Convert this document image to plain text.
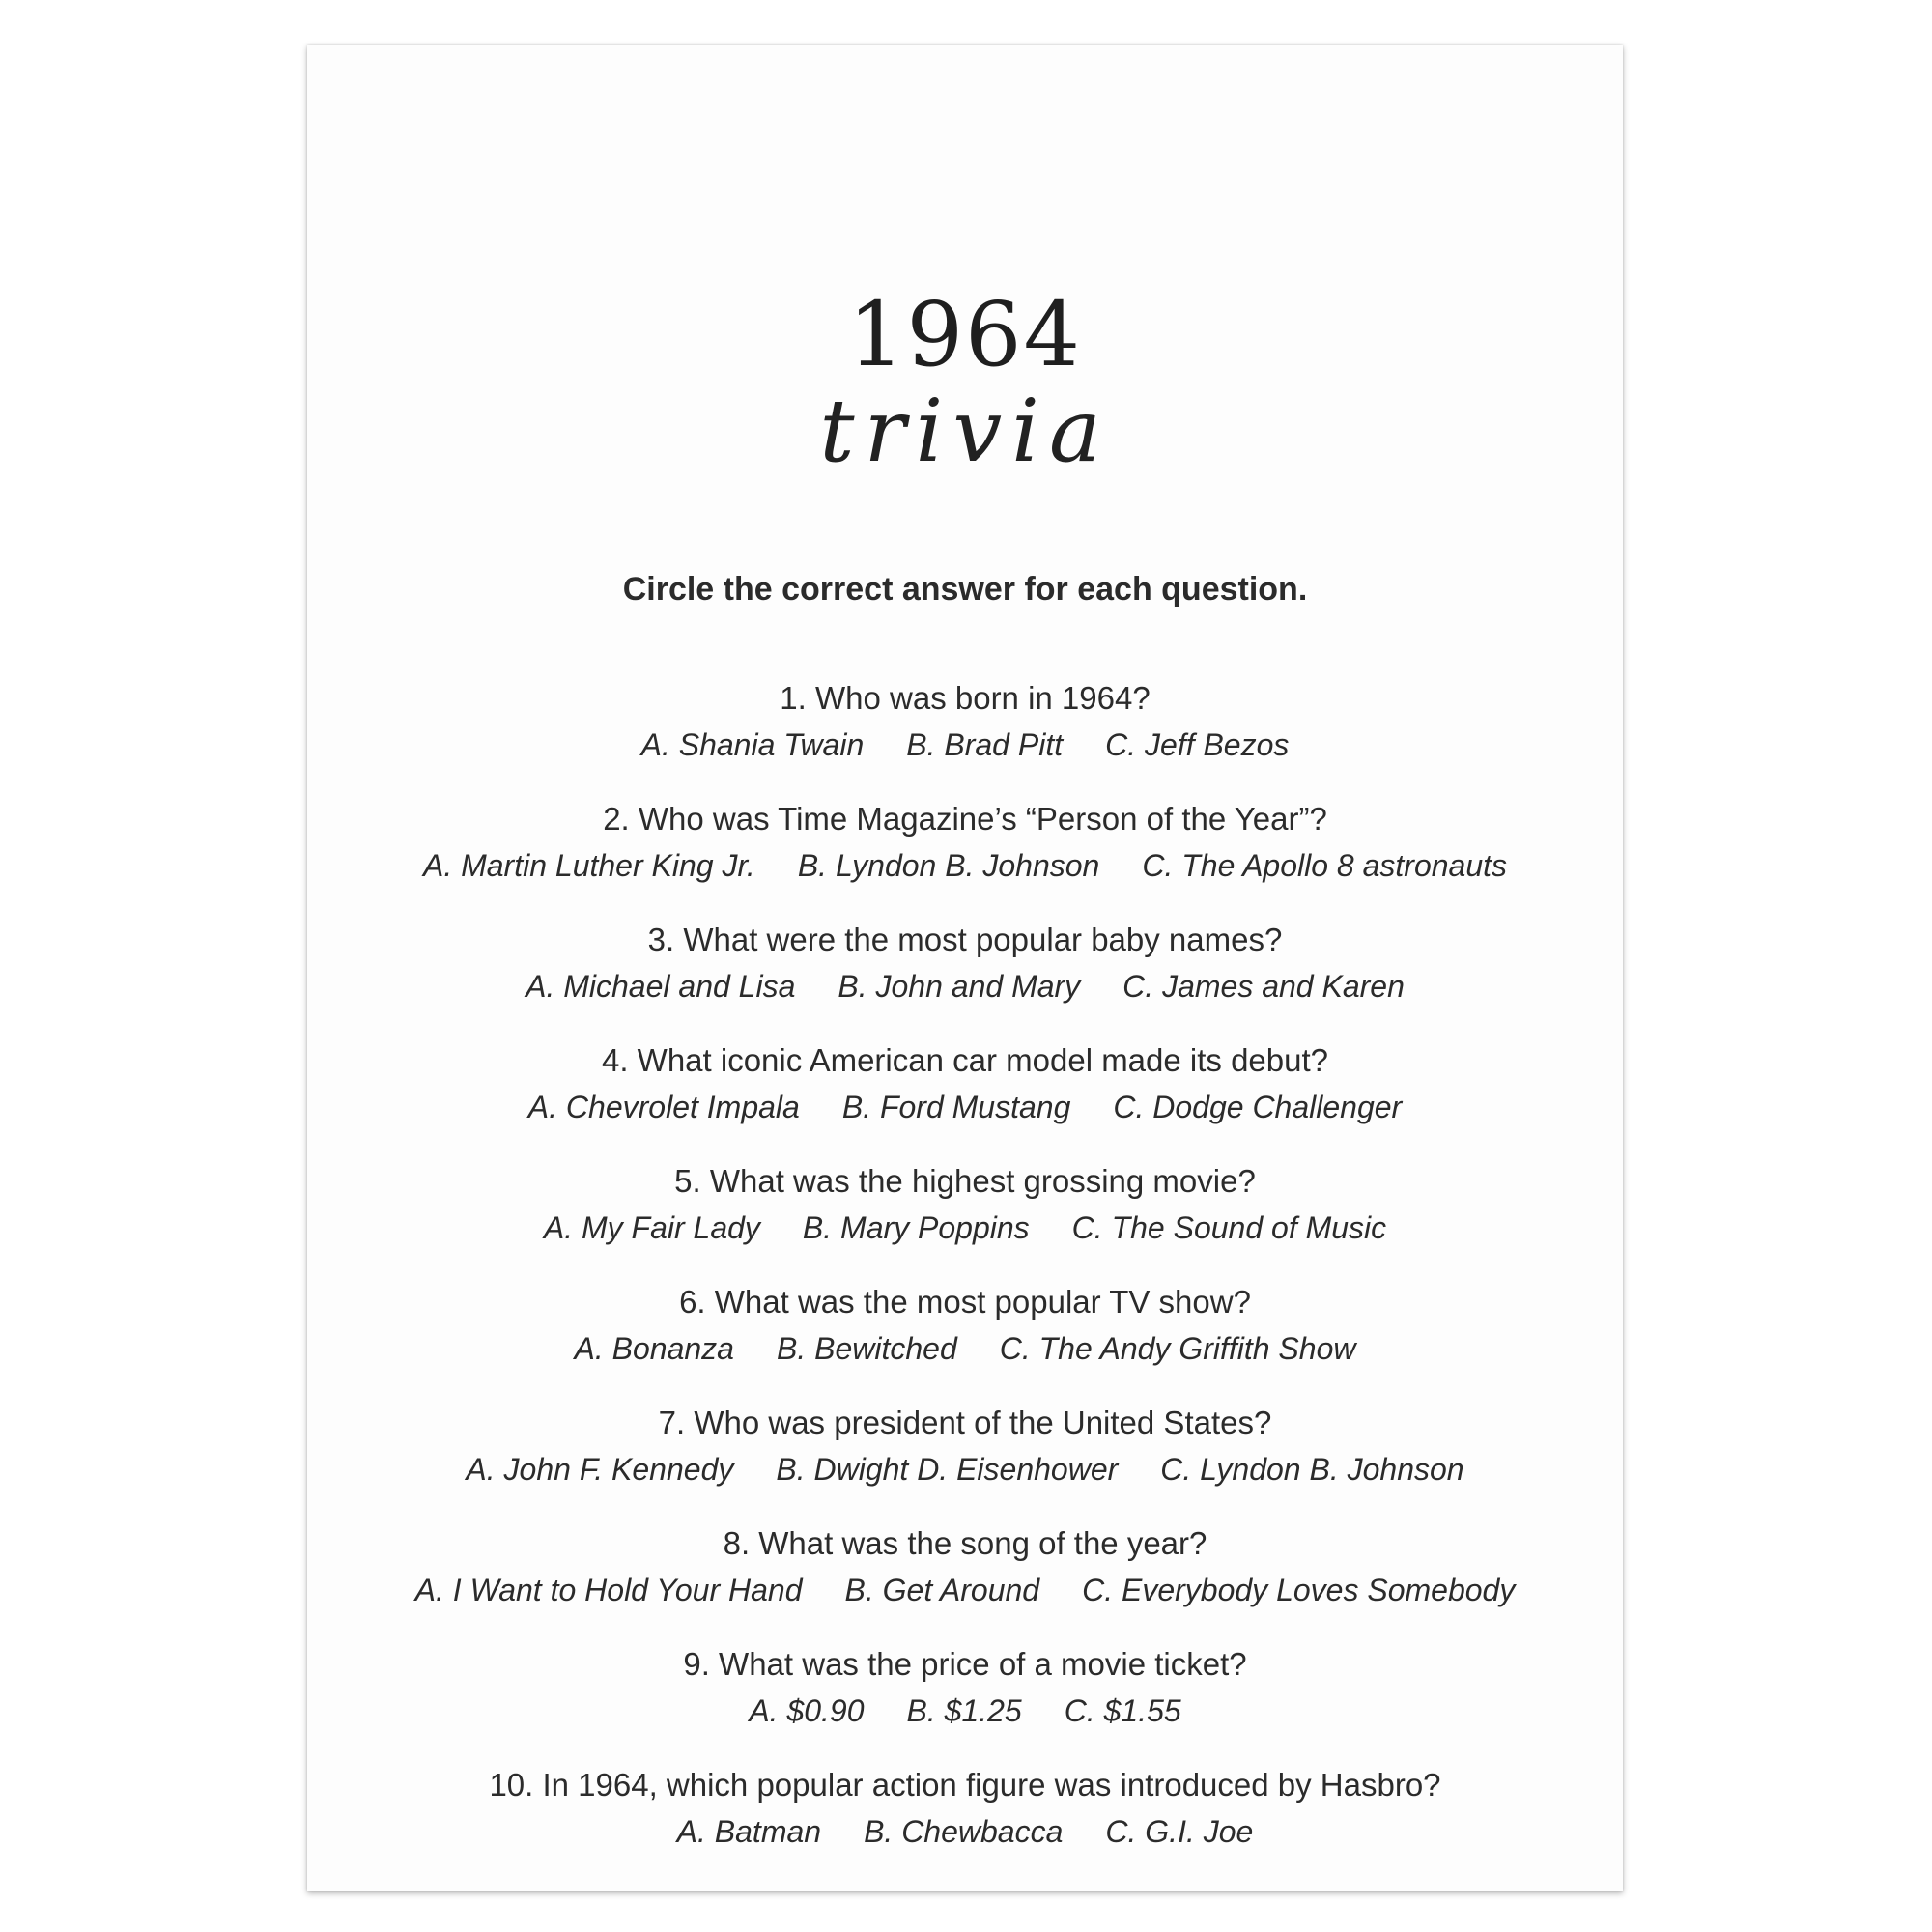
1964
trivia
Circle the correct answer for each question.
1. Who was born in 1964?
A. Shania Twain B. Brad Pitt C. Jeff Bezos
2. Who was Time Magazine’s “Person of the Year”?
A. Martin Luther King Jr. B. Lyndon B. Johnson C. The Apollo 8 astronauts
3. What were the most popular baby names?
A. Michael and Lisa B. John and Mary C. James and Karen
4. What iconic American car model made its debut?
A. Chevrolet Impala B. Ford Mustang C. Dodge Challenger
5. What was the highest grossing movie?
A. My Fair Lady B. Mary Poppins C. The Sound of Music
6. What was the most popular TV show?
A. Bonanza B. Bewitched C. The Andy Griffith Show
7. Who was president of the United States?
A. John F. Kennedy B. Dwight D. Eisenhower C. Lyndon B. Johnson
8. What was the song of the year?
A. I Want to Hold Your Hand B. Get Around C. Everybody Loves Somebody
9. What was the price of a movie ticket?
A. $0.90 B. $1.25 C. $1.55
10. In 1964, which popular action figure was introduced by Hasbro?
A. Batman B. Chewbacca C. G.I. Joe
